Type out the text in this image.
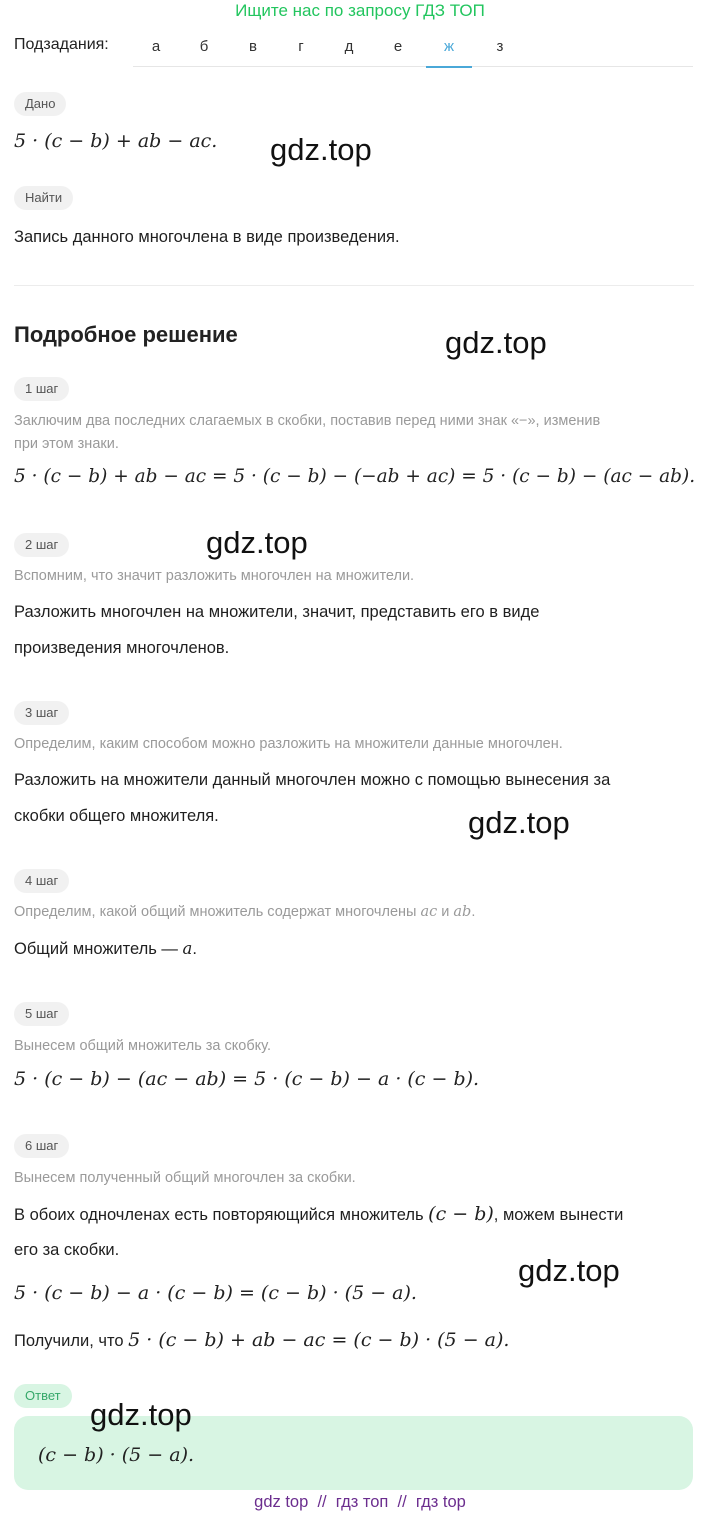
Ищите нас по запросу ГДЗ ТОП
Подзадания:	а	б	в	г	д	е	ж	з
Дано
5 · (c − b) + ab − ac. gdz.top
Найти
Запись данного многочлена в виде произведения.
Подробное решение	gdz.top
1 шаг
Заключим два последних слагаемых в скобки, поставив перед ними знак «−», изменив
при этом знаки.
5 · (c − b) + ab − ac = 5 · (c − b) − (−ab + ac) = 5 · (c − b) − (ac − ab).
2 шаг	gdz.top
Вспомним, что значит разложить многочлен на множители.
Разложить многочлен на множители, значит, представить его в виде
произведения многочленов.
3 шаг
Определим, каким способом можно разложить на множители данные многочлен.
Разложить на множители данный многочлен можно с помощью вынесения за
скобки общего множителя.	gdz.top
4 шаг
Определим, какой общий множитель содержат многочлены ac и ab.
Общий множитель — a.
5 шаг
Вынесем общий множитель за скобку.
5 · (c − b) − (ac − ab) = 5 · (c − b) − a · (c − b).
6 шаг
Вынесем полученный общий многочлен за скобки.
В обоих одночленах есть повторяющийся множитель (c − b), можем вынести
его за скобки.
gdz.top
5 · (c − b) − a · (c − b) = (c − b) · (5 − a).
Получили, что 5 · (c − b) + ab − ac = (c − b) · (5 − a).
Ответ
(c − b) · (5 − a).
gdz.top
gdz top  //  гдз топ  //  гдз top
